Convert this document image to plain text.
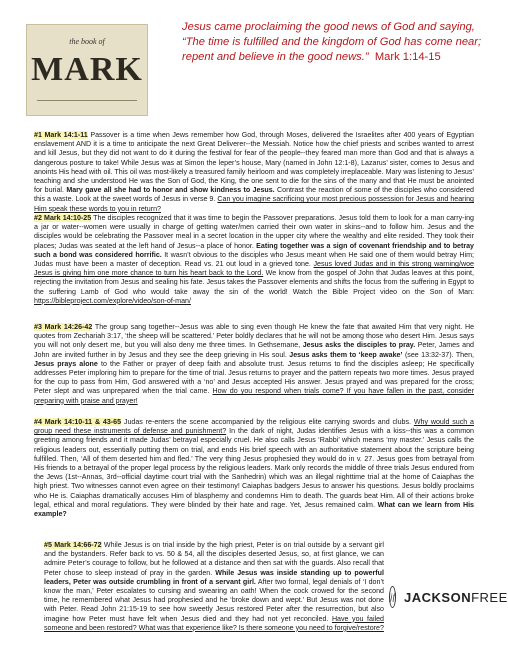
the book of
MARK
Jesus came proclaiming the good news of God and saying,
“The time is fulfilled and the kingdom of God has come near;
repent and believe in the good news.” Mark 1:14-15
#1 Mark 14:1-11 Passover is a time when Jews remember how God, through Moses, delivered the Israelites after 400 years of Egyptian enslavement AND it is a time to anticipate the next Great Deliverer--the Messiah. Notice how the chief priests and scribes wanted to arrest and kill Jesus, but they did not want to do it during the festival for fear of the people--they feared man more than God and that is always a dangerous posture to take! While Jesus was at Simon the leper’s house, Mary (named in John 12:1-8), Lazarus’ sister, comes to Jesus and anoints His head with oil. This oil was most-likely a treasured family heirloom and was completely irreplaceable. Mary was listening to Jesus’ teaching and she understood He was the Son of God, the King, the one sent to die for the sins of the many and that He must be anointed for burial. Mary gave all she had to honor and show kindness to Jesus. Contrast the reaction of some of the disciples who considered this a waste. Look at the sweet words of Jesus in verse 9. Can you imagine sacrificing your most precious possession for Jesus and hearing Him speak these words to you in return?
#2 Mark 14:10-25 The disciples recognized that it was time to begin the Passover preparations. Jesus told them to look for a man carry-ing a jar or water--women were usually in charge of getting water/men carried their own water in skins--and to follow him. Jesus and the disciples would be celebrating the Passover meal in a secret location in the upper city where the wealthy and elite resided. They took their places; Judas was seated at the left hand of Jesus--a place of honor. Eating together was a sign of covenant friendship and to betray such a bond was considered horrific. It wasn’t obvious to the disciples who Jesus meant when He said one of them would betray Him; Judas must have been a master of deception. Read vs. 21 out loud in a grieved tone. Jesus loved Judas and in this strong warning/woe Jesus is giving him one more chance to turn his heart back to the Lord. We know from the gospel of John that Judas leaves at this point, rejecting the invitation from Jesus and sealing his fate. Jesus takes the Passover elements and shifts the focus from the suffering in Egypt to the suffering Lamb of God who would take away the sin of the world! Watch the Bible Project video on the Son of Man: https://bibleproject.com/explore/video/son-of-man/
#3 Mark 14:26-42 The group sang together--Jesus was able to sing even though He knew the fate that awaited Him that very night. He quotes from Zechariah 3:17, ‘the sheep will be scattered.’ Peter boldly declares that he will not be among those who desert Him. Jesus says you will not only desert me, but you will also deny me three times. In Gethsemane, Jesus asks the disciples to pray. Peter, James and John are invited further in by Jesus and they see the deep grieving in His soul. Jesus asks them to ‘keep awake’ (see 13:32-37). Then, Jesus prays alone to the Father or prayer of deep faith and absolute trust. Jesus returns to find the disciples asleep; He specifically addresses Peter imploring him to prepare for the time of trial. Jesus returns to prayer and the pattern repeats two more times. Jesus prayed for the cup to pass from Him, God answered with a ‘no’ and Jesus accepted His answer. Jesus prayed and was prepared for the cross; Peter slept and was unprepared when the trial came. How do you respond when trials come? If you have fallen in the past, consider preparing with praise and prayer!
#4 Mark 14:10-11 & 43-65 Judas re-enters the scene accompanied by the religious elite carrying swords and clubs. Why would such a group need these instruments of defense and punishment? In the dark of night, Judas identifies Jesus with a kiss--this was a common greeting among friends and it made Judas’ betrayal especially cruel. He also calls Jesus ‘Rabbi’ which means ‘my master.’ Jesus calls the religious leaders out, essentially putting them on trial, and ends His brief speech with an authoritative statement about the scripture being fulfilled. Then, ‘All of them deserted him and fled.’ The very thing Jesus prophesied they would do in v. 27. Jesus goes from betrayal from His friends to a betrayal of the proper legal process by the religious leaders. Mark only records the middle of three trials Jesus endured from the Jews (1st--Annas, 3rd--official daytime court trial with the Sanhedrin) which was an illegal nighttime trial at the home of Caiaphas the high priest. Two witnesses cannot even agree on their testimony! Caiaphas badgers Jesus to answer his questions. Jesus boldly proclaims who He is. Caiaphas dramatically accuses Him of blasphemy and condemns Him to death. The guards beat Him. All of their actions broke legal, ethical and moral regulations. They were blinded by their hate and rage. Yet, Jesus remained calm. What can we learn from His example?
#5 Mark 14:66-72 While Jesus is on trial inside by the high priest, Peter is on trial outside by a servant girl and the bystanders. Refer back to vs. 50 & 54, all the disciples deserted Jesus, so, at first glance, we can admire Peter’s courage to follow, but he followed at a distance and then sat with the guards. Also recall that Peter chose to sleep instead of pray in the garden. While Jesus was inside standing up to powerful leaders, Peter was outside crumbling in front of a servant girl. After two formal, legal denials of ‘I don’t know the man,’ Peter escalates to cursing and swearing an oath! When the cock crowed for the second time, he remembered what Jesus had prophesied and he ‘broke down and wept.’ But Jesus was not done with Peter. Read John 21:15-19 to see how sweetly Jesus restored Peter after the resurrection, but also imagine how Peter must have felt when Jesus died and they had not yet reconciled. Have you failed someone and been restored? What was that experience like? Is there someone you need to forgive/restore?
jf JACKSONFREE
